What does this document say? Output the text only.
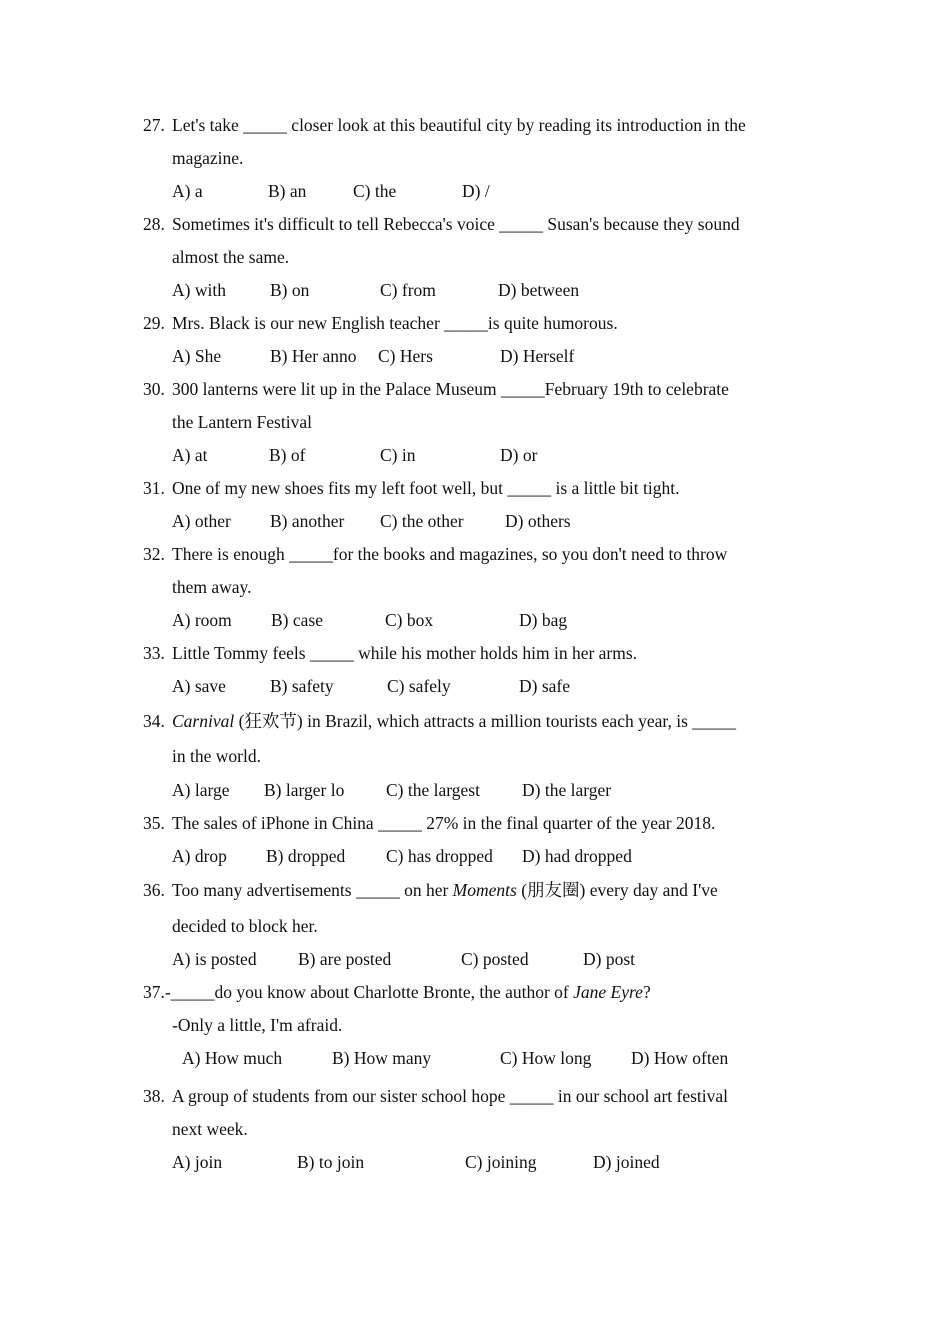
27. Let's take _____ closer look at this beautiful city by reading its introduction in the
magazine.
A) a	B) an	C) the	D) /
28. Sometimes it's difficult to tell Rebecca's voice _____ Susan's because they sound
almost the same.
A) with	B) on	C) from	D) between
29. Mrs. Black is our new English teacher _____is quite humorous.
A) She	B) Her anno C) Hers	D) Herself
30. 300 lanterns were lit up in the Palace Museum _____February 19th to celebrate
the Lantern Festival
A) at	B) of	C) in	D) or
31. One of my new shoes fits my left foot well, but _____ is a little bit tight.
A) other B) another C) the other D) others
32. There is enough _____for the books and magazines, so you don't need to throw
them away.
A) room B) case	C) box	D) bag
33. Little Tommy feels _____ while his mother holds him in her arms.
A) save	B) safety	C) safely	D) safe
34. Carnival (狂欢节) in Brazil, which attracts a million tourists each year, is _____
in the world.
A) large B) larger lo C) the largest D) the larger
35. The sales of iPhone in China _____ 27% in the final quarter of the year 2018.
A) drop B) dropped C) has dropped D) had dropped
36. Too many advertisements _____ on her Moments (朋友圈) every day and I've
decided to block her.
A) is posted B) are posted	C) posted	D) post
37.-_____do you know about Charlotte Bronte, the author of Jane Eyre?
-Only a little, I'm afraid.
A) How much	B) How many	C) How long D) How often
38. A group of students from our sister school hope _____ in our school art festival
next week.
A) join	B) to join	C) joining	D) joined
